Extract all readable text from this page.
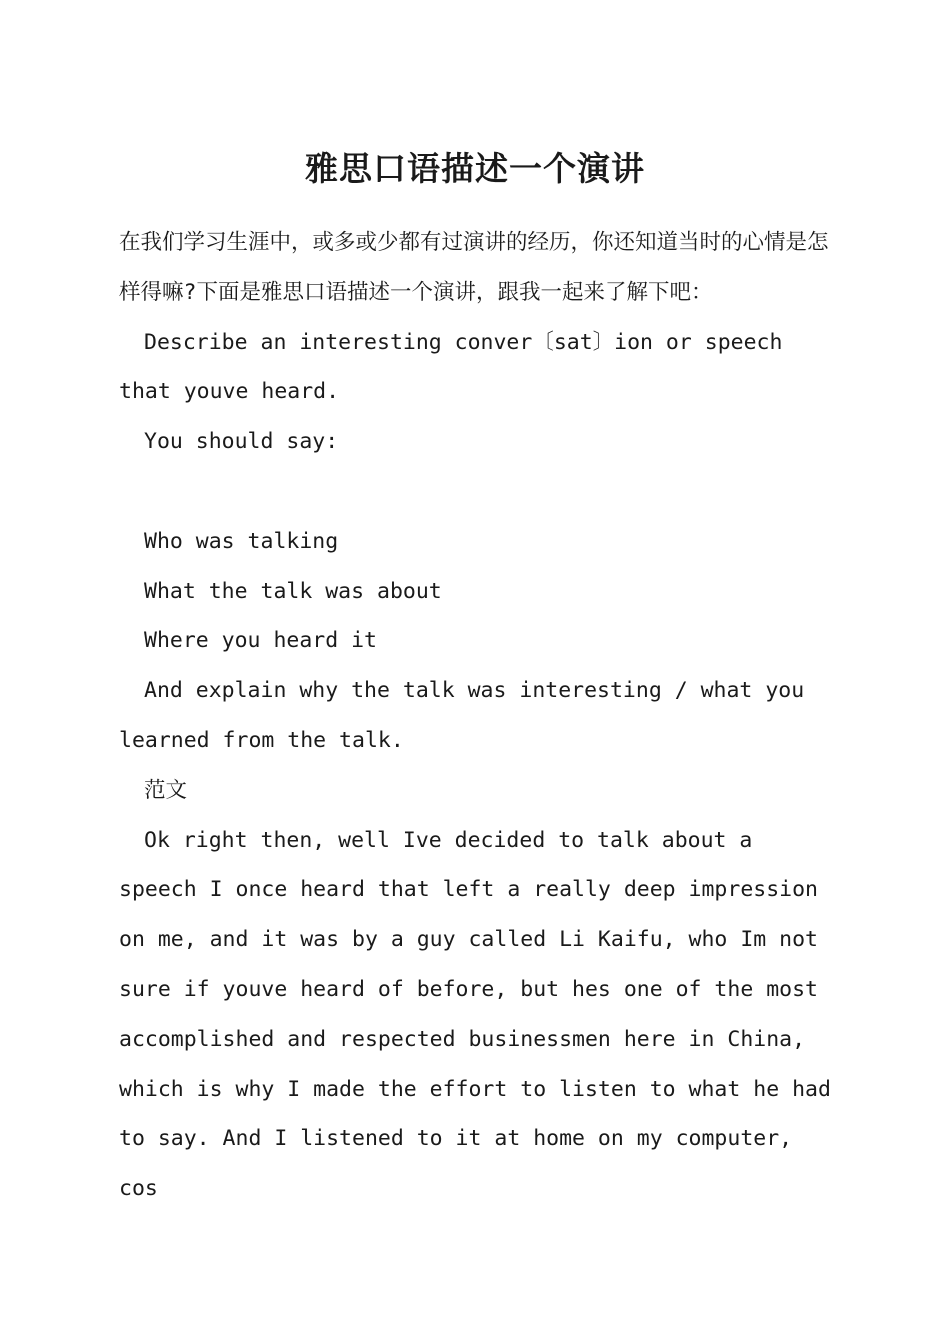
雅思口语描述一个演讲

在我们学习生涯中，或多或少都有过演讲的经历，你还知道当时的心情是怎样得嘛?下面是雅思口语描述一个演讲，跟我一起来了解下吧：

Describe an interesting conver〔sat〕ion or speech that youve heard.

You should say:

Who was talking

What the talk was about

Where you heard it

And explain why the talk was interesting / what you learned from the talk.

范文

Ok right then, well Ive decided to talk about a speech I once heard that left a really deep impression on me, and it was by a guy called Li Kaifu, who Im not sure if youve heard of before, but hes one of the most accomplished and respected businessmen here in China, which is why I made the effort to listen to what he had to say. And I listened to it at home on my computer, cos
